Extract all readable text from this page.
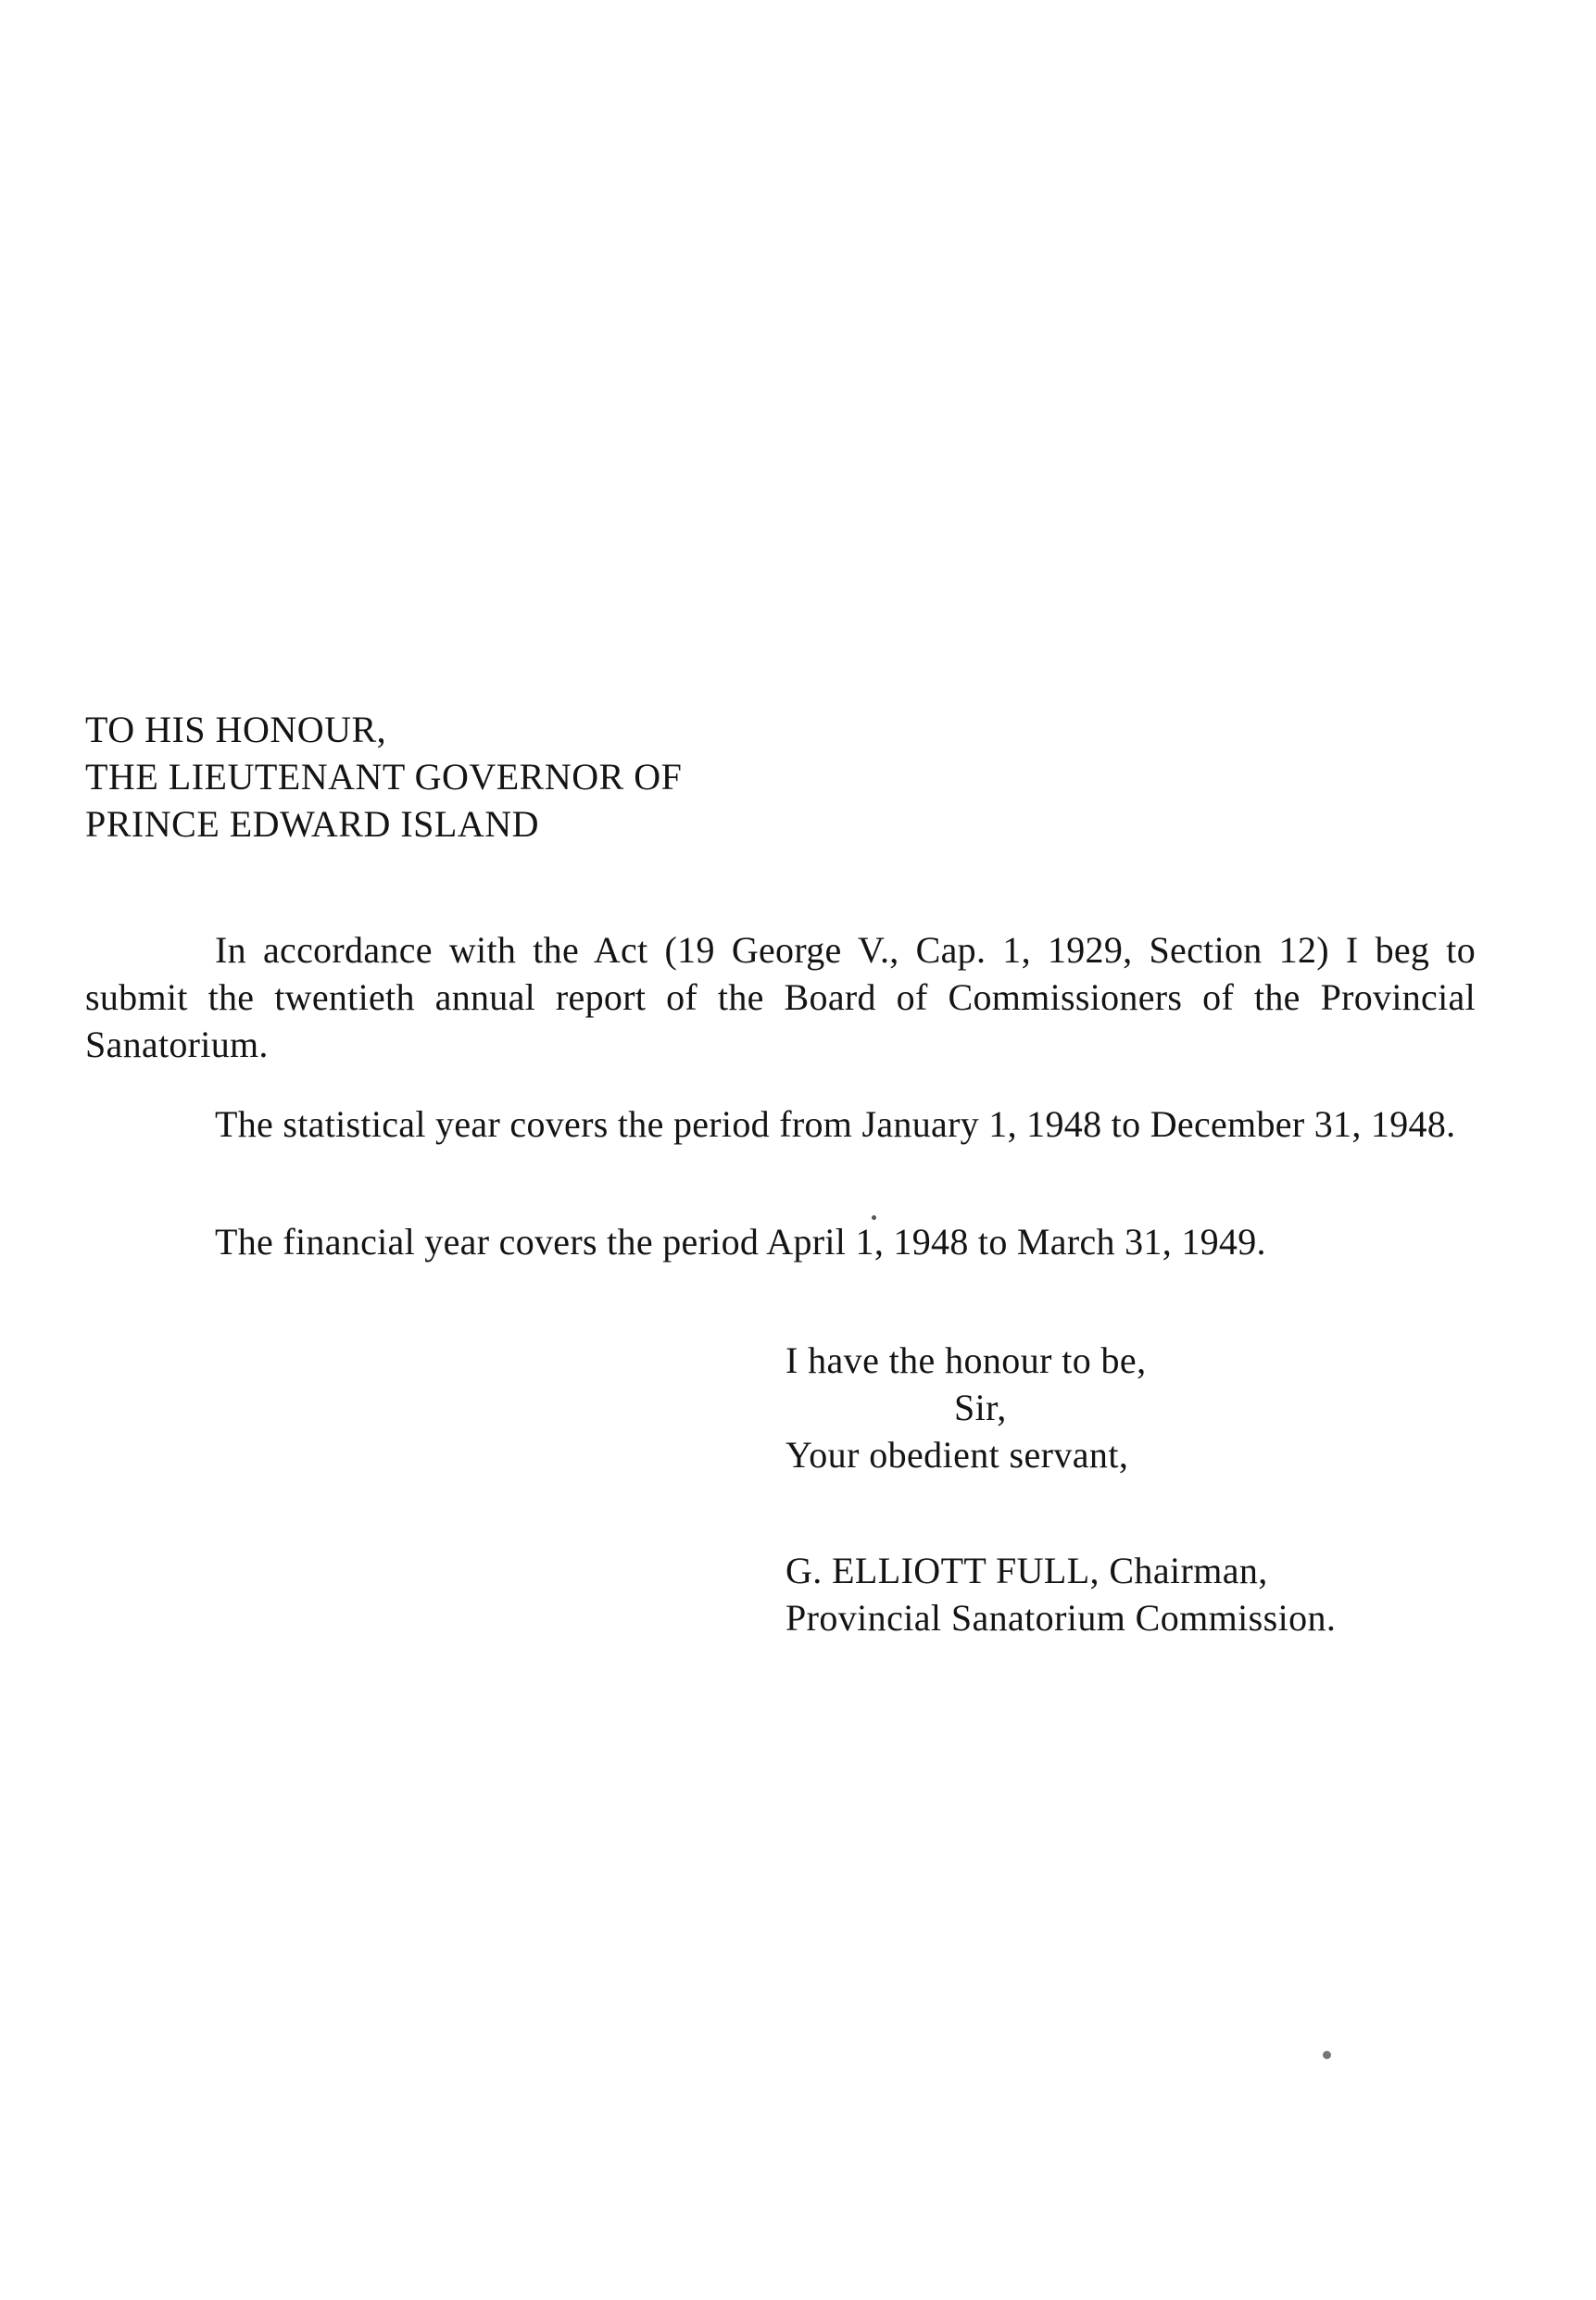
TO HIS HONOUR,
THE LIEUTENANT GOVERNOR OF
PRINCE EDWARD ISLAND

In accordance with the Act (19 George V., Cap. 1, 1929, Section 12) I beg to submit the twentieth annual report of the Board of Commissioners of the Provincial Sanatorium.

The statistical year covers the period from January 1, 1948 to December 31, 1948.

The financial year covers the period April 1, 1948 to March 31, 1949.

I have the honour to be,
Sir,
Your obedient servant,
G. ELLIOTT FULL, Chairman,
Provincial Sanatorium Commission.
